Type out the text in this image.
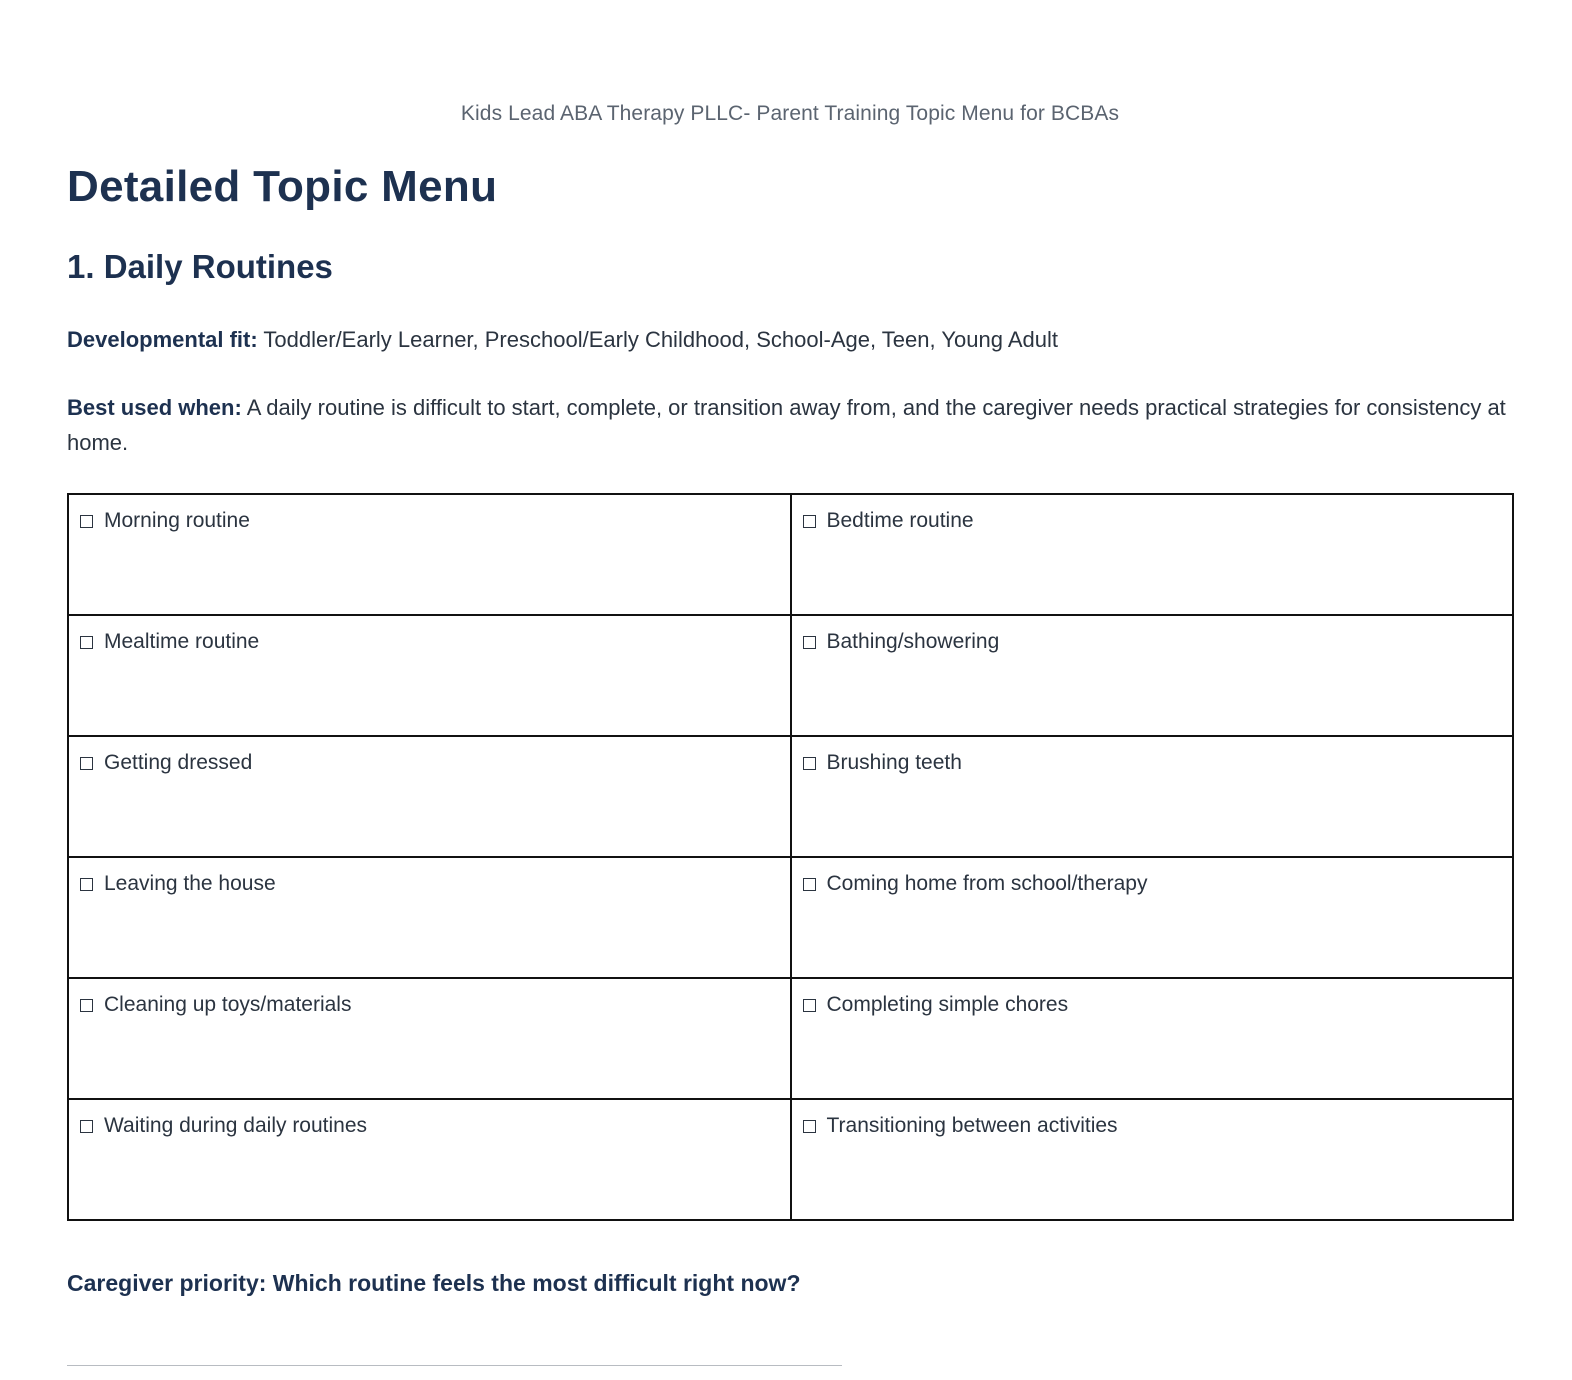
Kids Lead ABA Therapy PLLC- Parent Training Topic Menu for BCBAs
Detailed Topic Menu
1. Daily Routines

Developmental fit: Toddler/Early Learner, Preschool/Early Childhood, School-Age, Teen, Young Adult

Best used when: A daily routine is difficult to start, complete, or transition away from, and the caregiver needs practical strategies for consistency at home.

Morning routine	Bedtime routine

Mealtime routine	Bathing/showering

Getting dressed	Brushing teeth

Leaving the house	Coming home from school/therapy

Cleaning up toys/materials	Completing simple chores

Waiting during daily routines	Transitioning between activities

Caregiver priority: Which routine feels the most difficult right now?
